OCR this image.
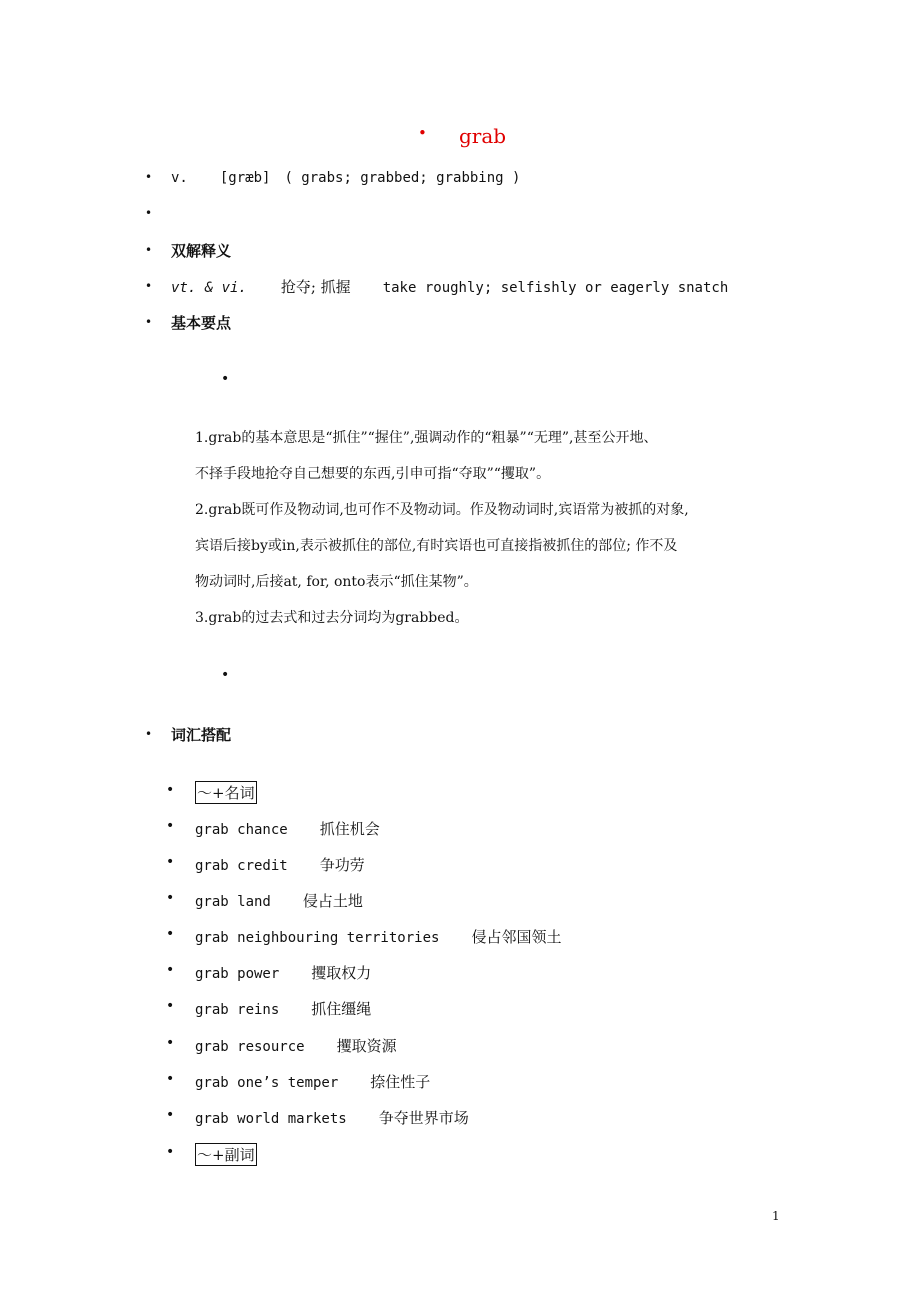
• grab
• v. [græb] ( grabs; grabbed; grabbing )
•
• 双解释义
• vt. & vi. 抢夺; 抓握 take roughly; selfishly or eagerly snatch
• 基本要点
•
1.grab的基本意思是“抓住”“握住”,强调动作的“粗暴”“无理”,甚至公开地、
不择手段地抢夺自己想要的东西,引申可指“夺取”“攫取”。
2.grab既可作及物动词,也可作不及物动词。作及物动词时,宾语常为被抓的对象,
宾语后接by或in,表示被抓住的部位,有时宾语也可直接指被抓住的部位; 作不及
物动词时,后接at, for, onto表示“抓住某物”。
3.grab的过去式和过去分词均为grabbed。
•
• 词汇搭配
• ～+名词
• grab chance 抓住机会
• grab credit 争功劳
• grab land 侵占土地
• grab neighbouring territories 侵占邻国领土
• grab power 攫取权力
• grab reins 抓住缰绳
• grab resource 攫取资源
• grab one’s temper 捺住性子
• grab world markets 争夺世界市场
• ～+副词
1
